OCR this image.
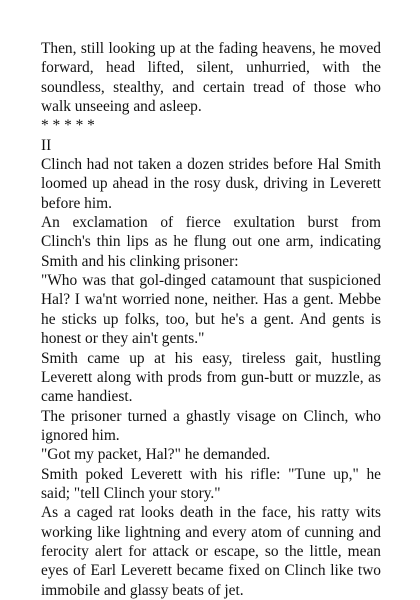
Then, still looking up at the fading heavens, he moved forward, head lifted, silent, unhurried, with the soundless, stealthy, and certain tread of those who walk unseeing and asleep.

* * * * *

II

Clinch had not taken a dozen strides before Hal Smith loomed up ahead in the rosy dusk, driving in Leverett before him.

An exclamation of fierce exultation burst from Clinch's thin lips as he flung out one arm, indicating Smith and his clinking prisoner:

"Who was that gol-dinged catamount that suspicioned Hal? I wa'nt worried none, neither. Has a gent. Mebbe he sticks up folks, too, but he's a gent. And gents is honest or they ain't gents."

Smith came up at his easy, tireless gait, hustling Leverett along with prods from gun-butt or muzzle, as came handiest.

The prisoner turned a ghastly visage on Clinch, who ignored him.

"Got my packet, Hal?" he demanded.

Smith poked Leverett with his rifle: "Tune up," he said; "tell Clinch your story."

As a caged rat looks death in the face, his ratty wits working like lightning and every atom of cunning and ferocity alert for attack or escape, so the little, mean eyes of Earl Leverett became fixed on Clinch like two immobile and glassy beats of jet.
